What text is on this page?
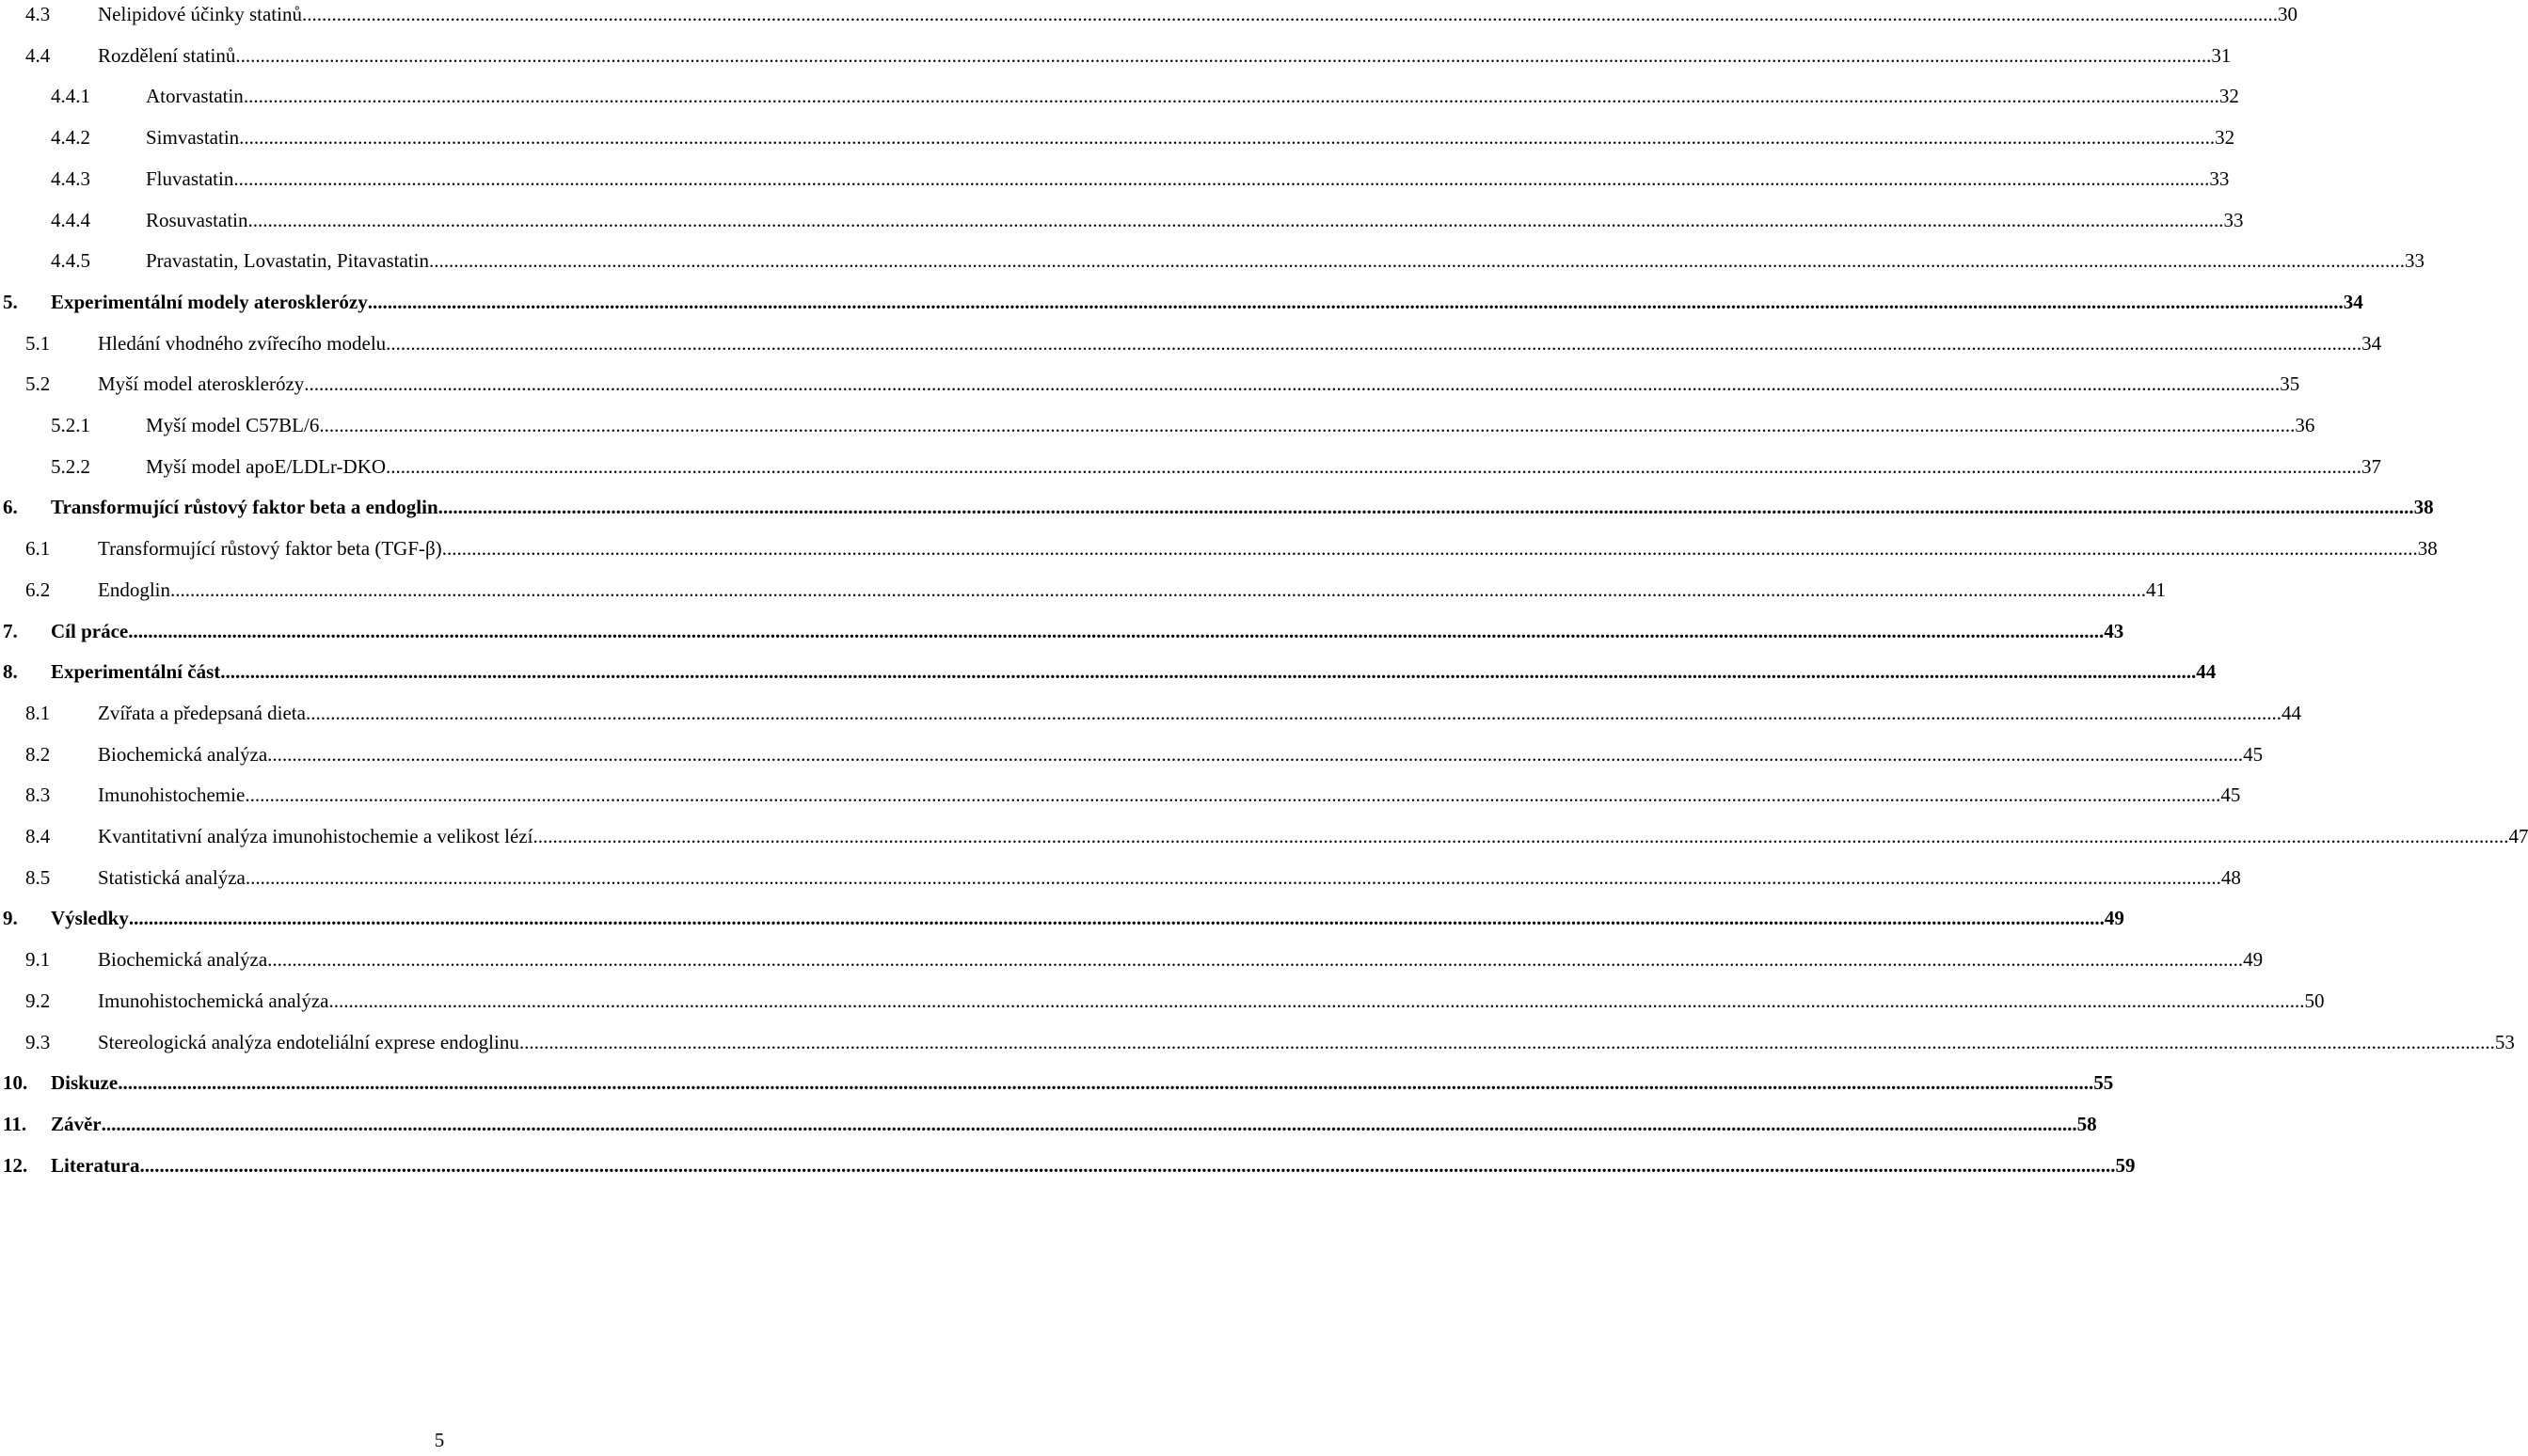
4.3 Nelipidové účinky statinů ................................................................................................................................................................................................................................................................................................................................................................................................................ 30
4.4 Rozdělení statinů ................................................................................................................................................................................................................................................................................................................................................................................................................ 31
4.4.1	Atorvastatin ................................................................................................................................................................................................................................................................................................................................................................................................................ 32
4.4.2	Simvastatin ................................................................................................................................................................................................................................................................................................................................................................................................................ 32
4.4.3	Fluvastatin ................................................................................................................................................................................................................................................................................................................................................................................................................ 33
4.4.4	Rosuvastatin ................................................................................................................................................................................................................................................................................................................................................................................................................ 33
4.4.5	Pravastatin, Lovastatin, Pitavastatin ................................................................................................................................................................................................................................................................................................................................................................................................................ 33
5. Experimentální modely aterosklerózy ................................................................................................................................................................................................................................................................................................................................................................................................................ 34
5.1 Hledání vhodného zvířecího modelu ................................................................................................................................................................................................................................................................................................................................................................................................................ 34
5.2 Myší model aterosklerózy ................................................................................................................................................................................................................................................................................................................................................................................................................ 35
5.2.1	Myší model C57BL/6 ................................................................................................................................................................................................................................................................................................................................................................................................................ 36
5.2.2	Myší model apoE/LDLr-DKO ................................................................................................................................................................................................................................................................................................................................................................................................................ 37
6. Transformující růstový faktor beta a endoglin ................................................................................................................................................................................................................................................................................................................................................................................................................ 38
6.1 Transformující růstový faktor beta (TGF-β) ................................................................................................................................................................................................................................................................................................................................................................................................................ 38
6.2 Endoglin ................................................................................................................................................................................................................................................................................................................................................................................................................ 41
7. Cíl práce ................................................................................................................................................................................................................................................................................................................................................................................................................ 43
8. Experimentální část ................................................................................................................................................................................................................................................................................................................................................................................................................ 44
8.1 Zvířata a předepsaná dieta ................................................................................................................................................................................................................................................................................................................................................................................................................ 44
8.2 Biochemická analýza ................................................................................................................................................................................................................................................................................................................................................................................................................ 45
8.3 Imunohistochemie ................................................................................................................................................................................................................................................................................................................................................................................................................ 45
8.4 Kvantitativní analýza imunohistochemie a velikost lézí ................................................................................................................................................................................................................................................................................................................................................................................................................ 47
8.5 Statistická analýza ................................................................................................................................................................................................................................................................................................................................................................................................................ 48
9. Výsledky ................................................................................................................................................................................................................................................................................................................................................................................................................ 49
9.1 Biochemická analýza ................................................................................................................................................................................................................................................................................................................................................................................................................ 49
9.2 Imunohistochemická analýza ................................................................................................................................................................................................................................................................................................................................................................................................................ 50
9.3 Stereologická analýza endoteliální exprese endoglinu ................................................................................................................................................................................................................................................................................................................................................................................................................ 53
10. Diskuze ................................................................................................................................................................................................................................................................................................................................................................................................................ 55
11. Závěr ................................................................................................................................................................................................................................................................................................................................................................................................................ 58
12. Literatura ................................................................................................................................................................................................................................................................................................................................................................................................................ 59
5
